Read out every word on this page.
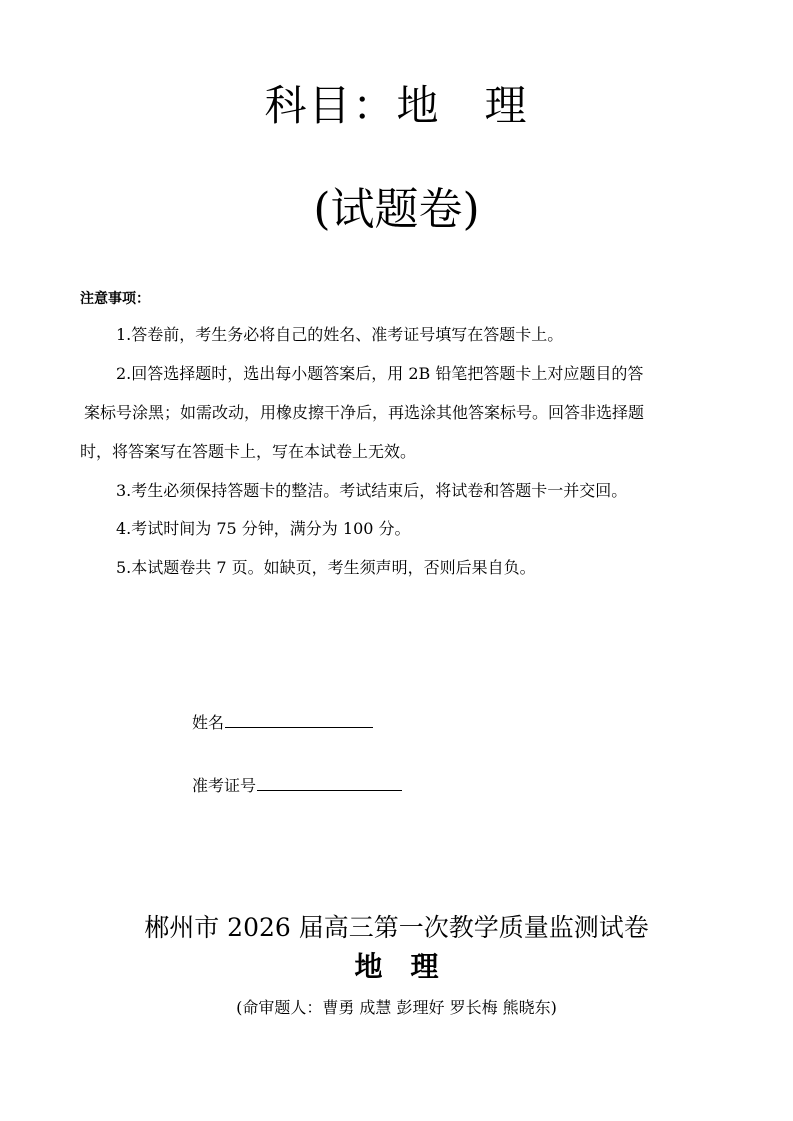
科目：地　理
(试题卷)
注意事项：
1.答卷前，考生务必将自己的姓名、准考证号填写在答题卡上。
2.回答选择题时，选出每小题答案后，用 2B 铅笔把答题卡上对应题目的答
案标号涂黑；如需改动，用橡皮擦干净后，再选涂其他答案标号。回答非选择题
时，将答案写在答题卡上，写在本试卷上无效。
3.考生必须保持答题卡的整洁。考试结束后，将试卷和答题卡一并交回。
4.考试时间为 75 分钟，满分为 100 分。
5.本试题卷共 7 页。如缺页，考生须声明，否则后果自负。
姓名
准考证号
郴州市 2026 届高三第一次教学质量监测试卷
地　理
(命审题人：曹勇 成慧 彭理好 罗长梅 熊晓东)
